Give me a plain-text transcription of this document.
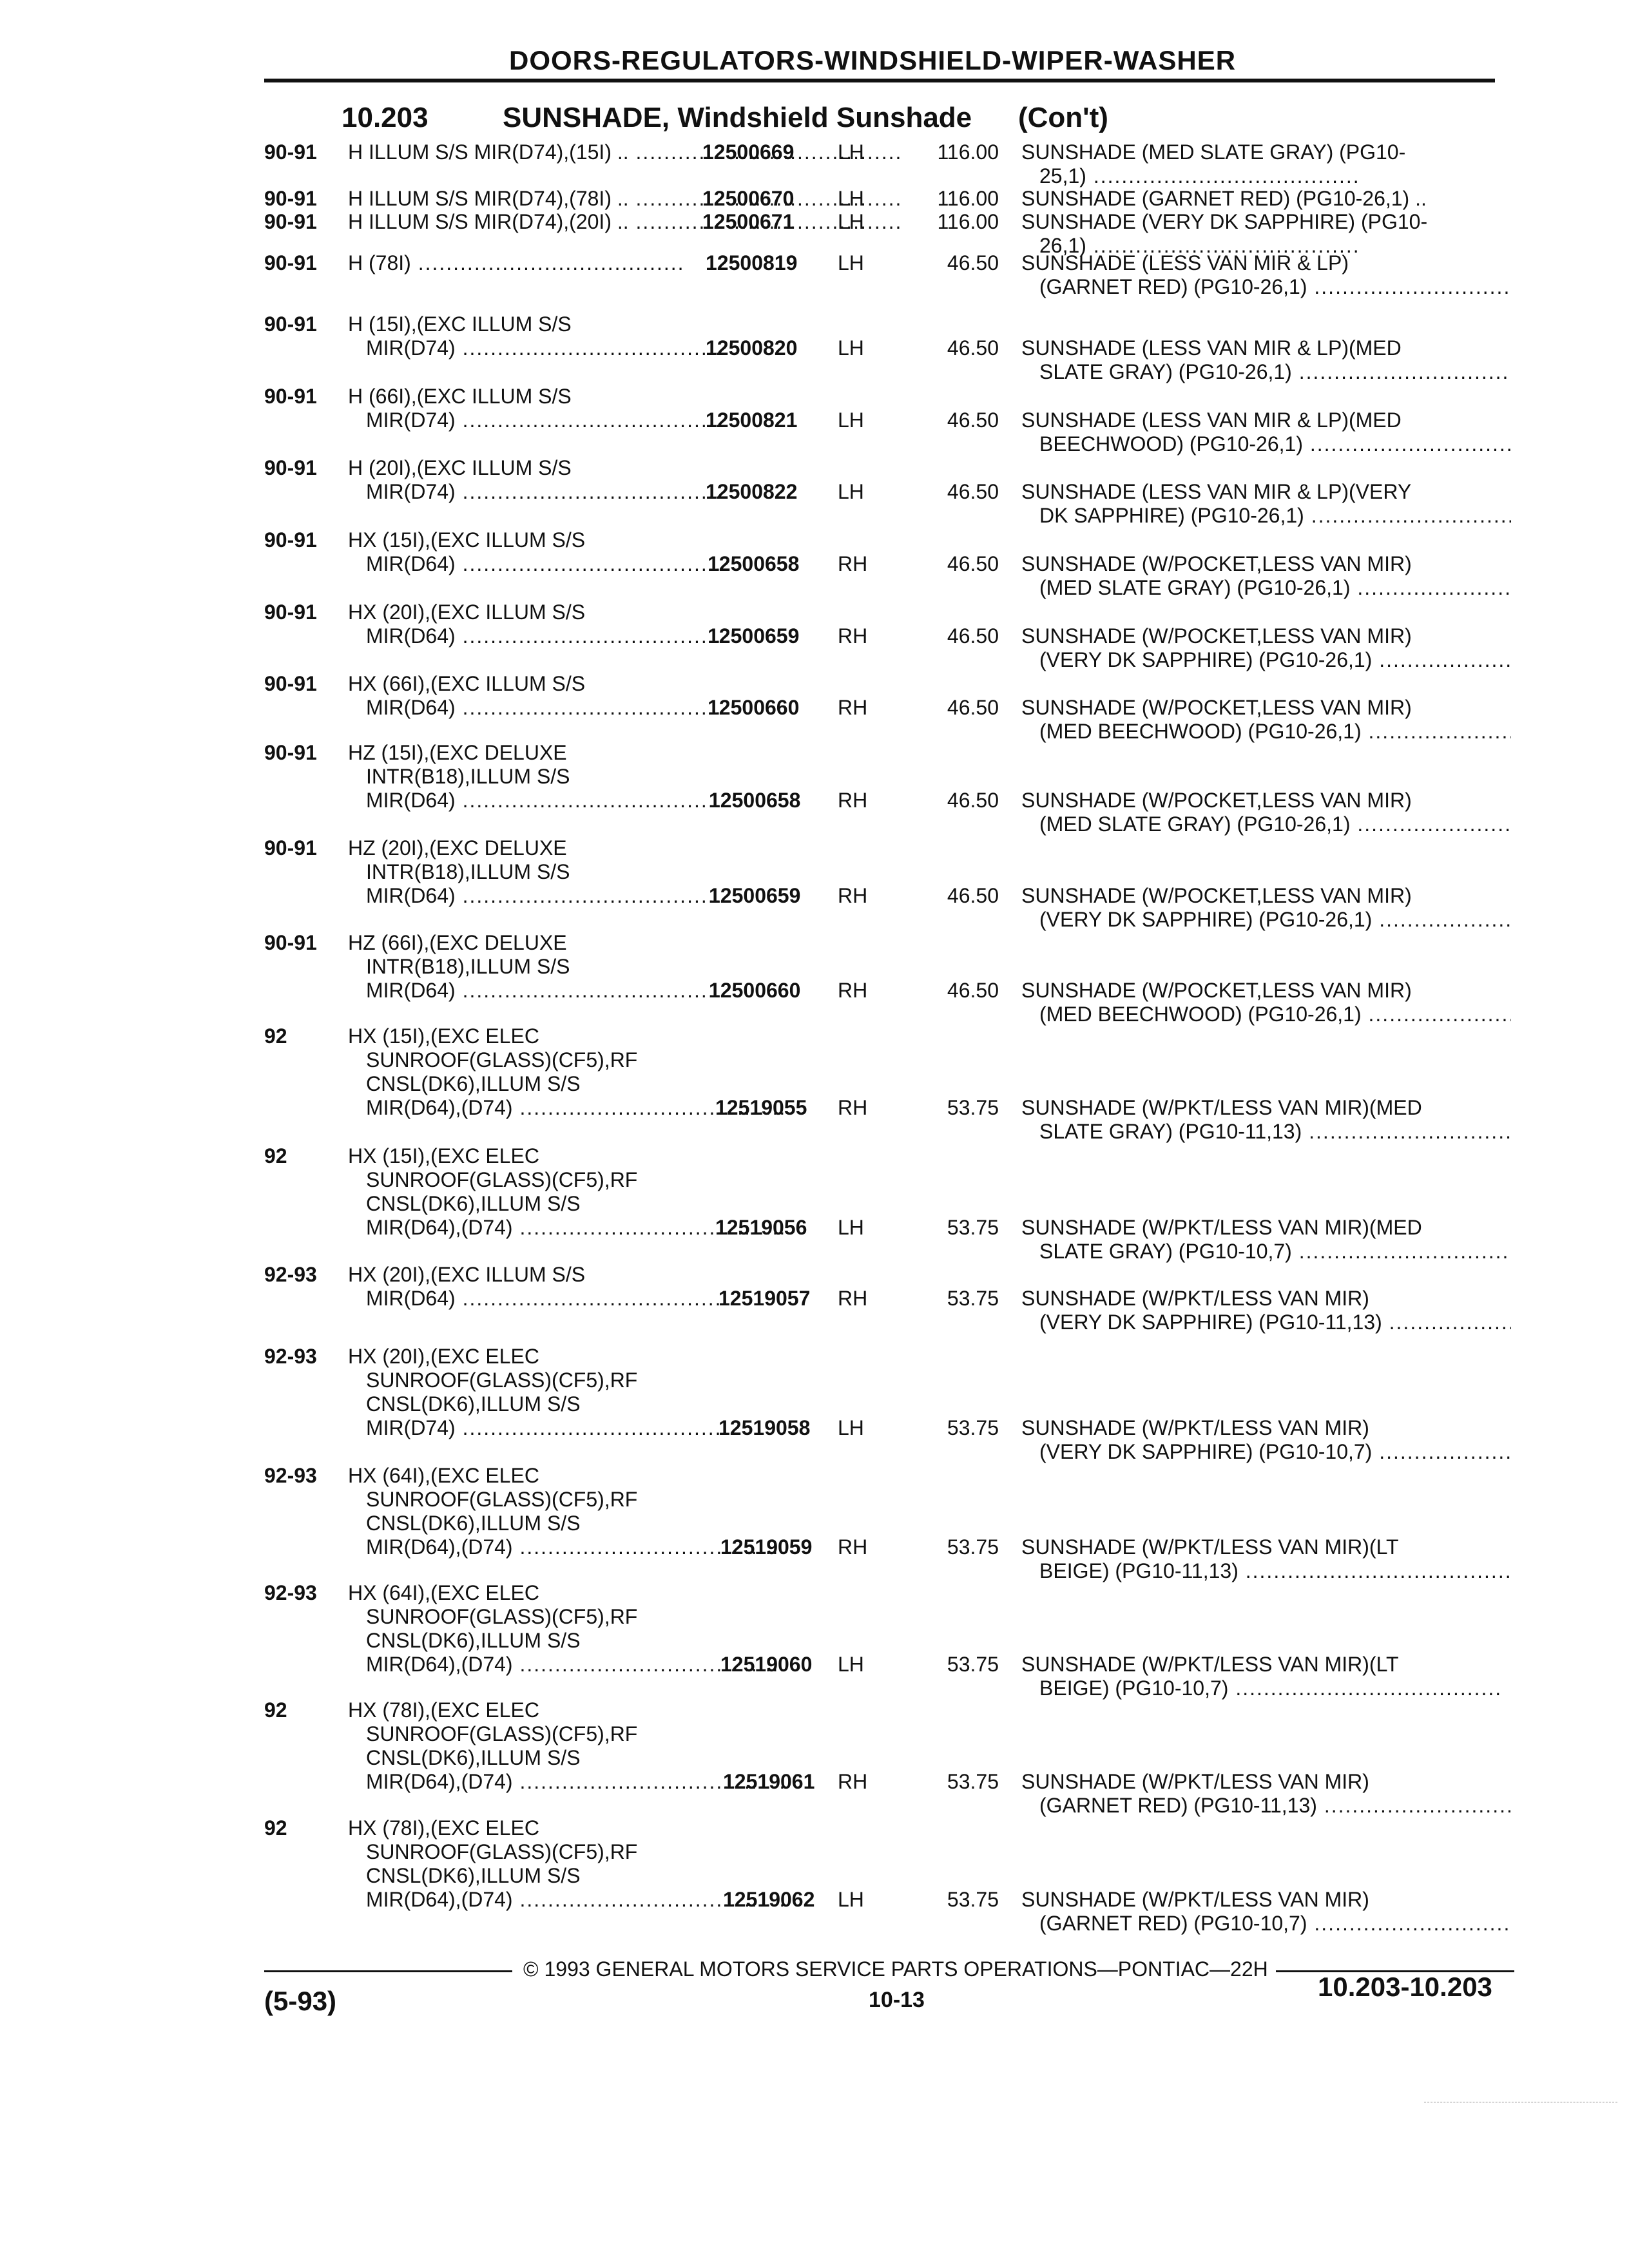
DOORS-REGULATORS-WINDSHIELD-WIPER-WASHER
10.203	SUNSHADE, Windshield Sunshade (Con't)
90-91	H ILLUM S/S MIR(D74),(15I) .. .....	12500669 LH	116.00 SUNSHADE (MED SLATE GRAY) (PG10-
25,1) .....
90-91	H ILLUM S/S MIR(D74),(78I) .. .....	12500670 LH	116.00 SUNSHADE (GARNET RED) (PG10-26,1) ..
90-91	H ILLUM S/S MIR(D74),(20I) .. .....	12500671 LH	116.00 SUNSHADE (VERY DK SAPPHIRE) (PG10-
26,1) .....
90-91	H (78I) .....	12500819 LH	46.50 SUNSHADE (LESS VAN MIR & LP)
(GARNET RED) (PG10-26,1) .....
90-91	H (15I),(EXC ILLUM S/S
MIR(D74) .....	12500820 LH	46.50 SUNSHADE (LESS VAN MIR & LP)(MED
SLATE GRAY) (PG10-26,1) .....
90-91	H (66I),(EXC ILLUM S/S
MIR(D74) .....	12500821 LH	46.50 SUNSHADE (LESS VAN MIR & LP)(MED
BEECHWOOD) (PG10-26,1) .....
90-91	H (20I),(EXC ILLUM S/S
MIR(D74) .....	12500822 LH	46.50 SUNSHADE (LESS VAN MIR & LP)(VERY
DK SAPPHIRE) (PG10-26,1) .....
90-91	HX (15I),(EXC ILLUM S/S
MIR(D64) .....	12500658 RH	46.50 SUNSHADE (W/POCKET,LESS VAN MIR)
(MED SLATE GRAY) (PG10-26,1) .....
90-91	HX (20I),(EXC ILLUM S/S
MIR(D64) .....	12500659 RH	46.50 SUNSHADE (W/POCKET,LESS VAN MIR)
(VERY DK SAPPHIRE) (PG10-26,1) .....
90-91	HX (66I),(EXC ILLUM S/S
MIR(D64) .....	12500660 RH	46.50 SUNSHADE (W/POCKET,LESS VAN MIR)
(MED BEECHWOOD) (PG10-26,1) .....
90-91	HZ (15I),(EXC DELUXE
INTR(B18),ILLUM S/S
MIR(D64) .....	12500658 RH	46.50 SUNSHADE (W/POCKET,LESS VAN MIR)
(MED SLATE GRAY) (PG10-26,1) .....
90-91	HZ (20I),(EXC DELUXE
INTR(B18),ILLUM S/S
MIR(D64) .....	12500659 RH	46.50 SUNSHADE (W/POCKET,LESS VAN MIR)
(VERY DK SAPPHIRE) (PG10-26,1) .....
90-91	HZ (66I),(EXC DELUXE
INTR(B18),ILLUM S/S
MIR(D64) .....	12500660 RH	46.50 SUNSHADE (W/POCKET,LESS VAN MIR)
(MED BEECHWOOD) (PG10-26,1) .....
92	HX (15I),(EXC ELEC
SUNROOF(GLASS)(CF5),RF
CNSL(DK6),ILLUM S/S
MIR(D64),(D74) .....	12519055 RH	53.75 SUNSHADE (W/PKT/LESS VAN MIR)(MED
SLATE GRAY) (PG10-11,13) .....
92	HX (15I),(EXC ELEC
SUNROOF(GLASS)(CF5),RF
CNSL(DK6),ILLUM S/S
MIR(D64),(D74) .....	12519056 LH	53.75 SUNSHADE (W/PKT/LESS VAN MIR)(MED
SLATE GRAY) (PG10-10,7) .....
92-93	HX (20I),(EXC ILLUM S/S
MIR(D64) .....	12519057 RH	53.75 SUNSHADE (W/PKT/LESS VAN MIR)
(VERY DK SAPPHIRE) (PG10-11,13) .....
92-93	HX (20I),(EXC ELEC
SUNROOF(GLASS)(CF5),RF
CNSL(DK6),ILLUM S/S
MIR(D74) .....	12519058 LH	53.75 SUNSHADE (W/PKT/LESS VAN MIR)
(VERY DK SAPPHIRE) (PG10-10,7) .....
92-93	HX (64I),(EXC ELEC
SUNROOF(GLASS)(CF5),RF
CNSL(DK6),ILLUM S/S
MIR(D64),(D74) .....	12519059 RH	53.75 SUNSHADE (W/PKT/LESS VAN MIR)(LT
BEIGE) (PG10-11,13) .....
92-93	HX (64I),(EXC ELEC
SUNROOF(GLASS)(CF5),RF
CNSL(DK6),ILLUM S/S
MIR(D64),(D74) .....	12519060 LH	53.75 SUNSHADE (W/PKT/LESS VAN MIR)(LT
BEIGE) (PG10-10,7) .....
92	HX (78I),(EXC ELEC
SUNROOF(GLASS)(CF5),RF
CNSL(DK6),ILLUM S/S
MIR(D64),(D74) .....	12519061 RH	53.75 SUNSHADE (W/PKT/LESS VAN MIR)
(GARNET RED) (PG10-11,13) .....
92	HX (78I),(EXC ELEC
SUNROOF(GLASS)(CF5),RF
CNSL(DK6),ILLUM S/S
MIR(D64),(D74) .....	12519062 LH	53.75 SUNSHADE (W/PKT/LESS VAN MIR)
(GARNET RED) (PG10-10,7) .....
© 1993 GENERAL MOTORS SERVICE PARTS OPERATIONS—PONTIAC—22H
(5-93)	10-13	10.203-10.203
